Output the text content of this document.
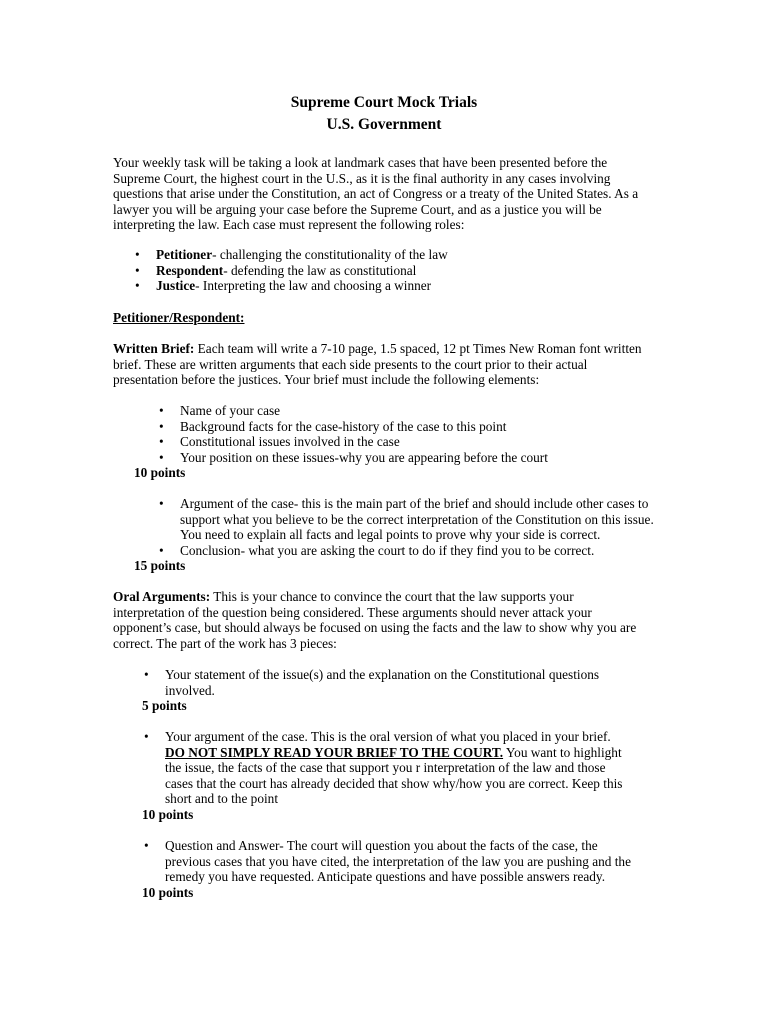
Supreme Court Mock Trials
U.S. Government

Your weekly task will be taking a look at landmark cases that have been presented before the Supreme Court, the highest court in the U.S., as it is the final authority in any cases involving questions that arise under the Constitution, an act of Congress or a treaty of the United States. As a lawyer you will be arguing your case before the Supreme Court, and as a justice you will be interpreting the law. Each case must represent the following roles:

• Petitioner- challenging the constitutionality of the law
• Respondent- defending the law as constitutional
• Justice- Interpreting the law and choosing a winner
Petitioner/Respondent:

Written Brief: Each team will write a 7-10 page, 1.5 spaced, 12 pt Times New Roman font written brief. These are written arguments that each side presents to the court prior to their actual presentation before the justices. Your brief must include the following elements:

• Name of your case
• Background facts for the case-history of the case to this point
• Constitutional issues involved in the case
• Your position on these issues-why you are appearing before the court
10 points
• Argument of the case- this is the main part of the brief and should include other cases to support what you believe to be the correct interpretation of the Constitution on this issue. You need to explain all facts and legal points to prove why your side is correct.
• Conclusion- what you are asking the court to do if they find you to be correct.
15 points

Oral Arguments: This is your chance to convince the court that the law supports your interpretation of the question being considered. These arguments should never attack your opponent’s case, but should always be focused on using the facts and the law to show why you are correct. The part of the work has 3 pieces:

• Your statement of the issue(s) and the explanation on the Constitutional questions involved.
5 points
• Your argument of the case. This is the oral version of what you placed in your brief. DO NOT SIMPLY READ YOUR BRIEF TO THE COURT. You want to highlight the issue, the facts of the case that support you r interpretation of the law and those cases that the court has already decided that show why/how you are correct. Keep this short and to the point
10 points
• Question and Answer- The court will question you about the facts of the case, the previous cases that you have cited, the interpretation of the law you are pushing and the remedy you have requested. Anticipate questions and have possible answers ready.
10 points
